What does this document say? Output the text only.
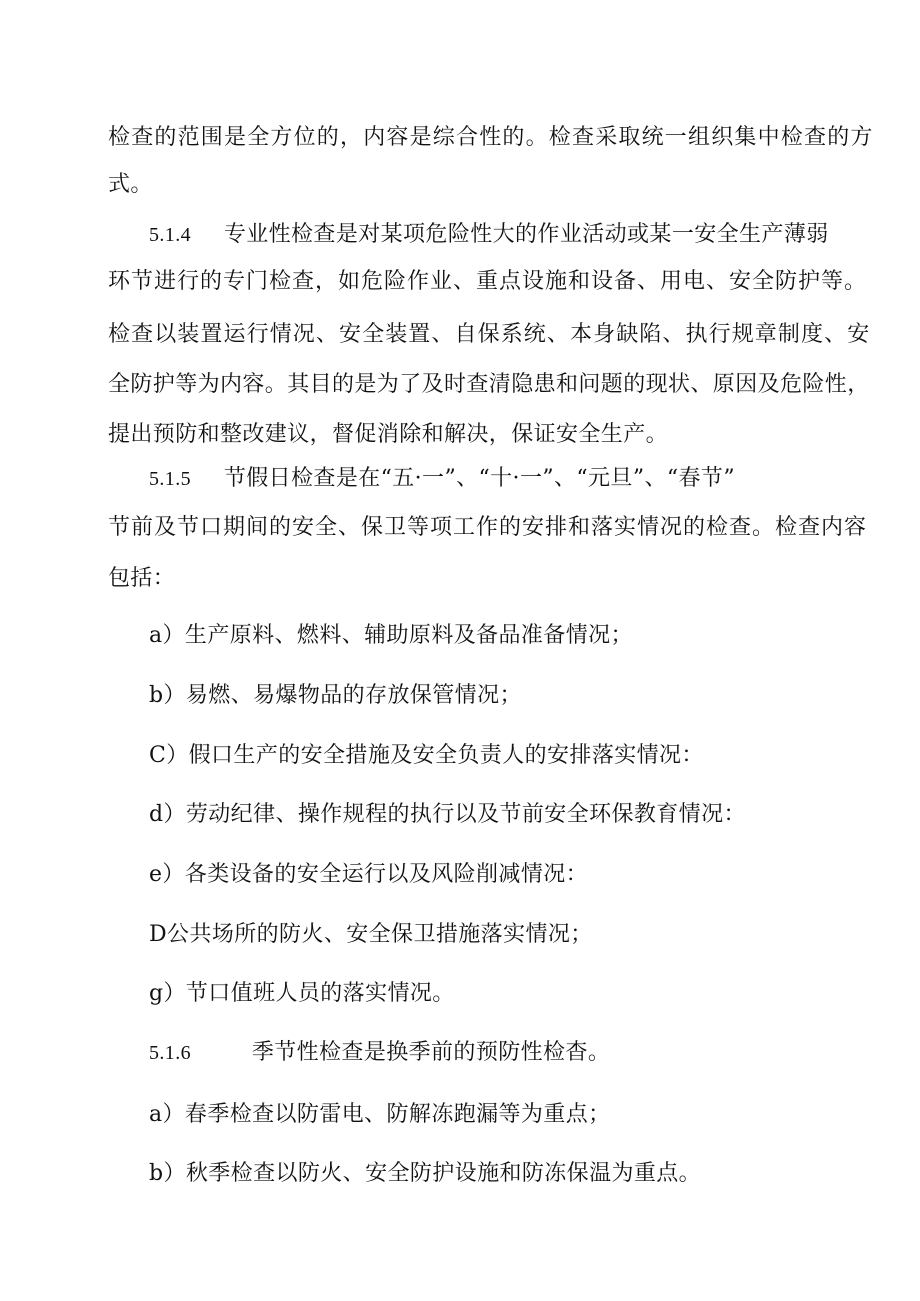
检查的范围是全方位的，内容是综合性的。检查采取统一组织集中检查的方
式。
5.1.4 专业性检查是对某项危险性大的作业活动或某一安全生产薄弱
环节进行的专门检查，如危险作业、重点设施和设备、用电、安全防护等。
检查以装置运行情况、安全装置、自保系统、本身缺陷、执行规章制度、安
全防护等为内容。其目的是为了及时查清隐患和问题的现状、原因及危险性，
提出预防和整改建议，督促消除和解决，保证安全生产。
5.1.5 节假日检查是在“五·一”、“十·一”、“元旦”、“春节”
节前及节口期间的安全、保卫等项工作的安排和落实情况的检查。检查内容
包括：
a）生产原料、燃料、辅助原料及备品准备情况；
b）易燃、易爆物品的存放保管情况；
C）假口生产的安全措施及安全负责人的安排落实情况：
d）劳动纪律、操作规程的执行以及节前安全环保教育情况：
e）各类设备的安全运行以及风险削减情况：
D公共场所的防火、安全保卫措施落实情况；
g）节口值班人员的落实情况。
5.1.6	季节性检查是换季前的预防性检杳。
a）春季检查以防雷电、防解冻跑漏等为重点；
b）秋季检查以防火、安全防护设施和防冻保温为重点。
